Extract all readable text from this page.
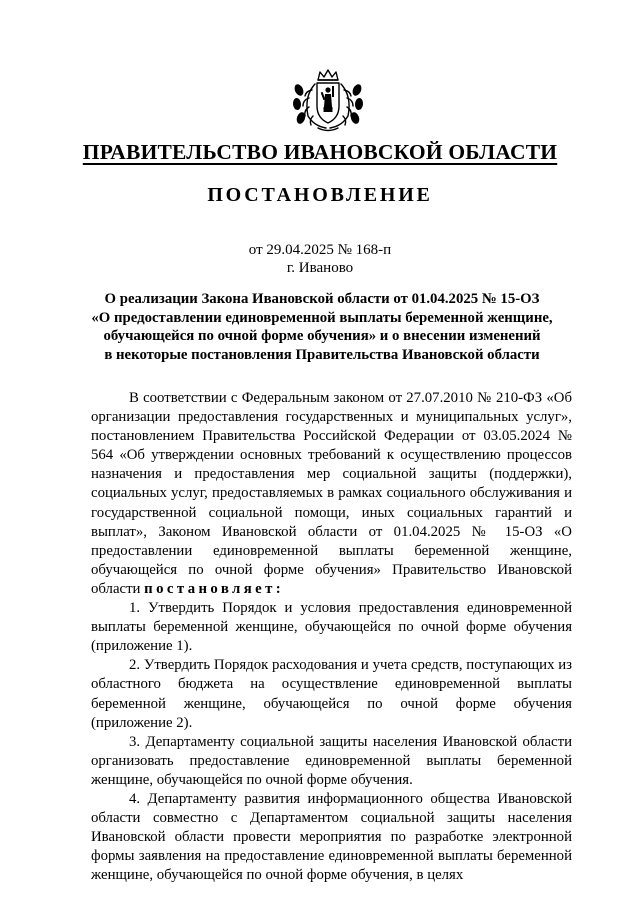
ПРАВИТЕЛЬСТВО ИВАНОВСКОЙ ОБЛАСТИ
ПОСТАНОВЛЕНИЕ
от 29.04.2025 № 168-п
г. Иваново
О реализации Закона Ивановской области от 01.04.2025 № 15-ОЗ
«О предоставлении единовременной выплаты беременной женщине,
обучающейся по очной форме обучения» и о внесении изменений
в некоторые постановления Правительства Ивановской области

В соответствии с Федеральным законом от 27.07.2010 № 210-ФЗ «Об организации предоставления государственных и муниципальных услуг», постановлением Правительства Российской Федерации от 03.05.2024 № 564 «Об утверждении основных требований к осуществлению процессов назначения и предоставления мер социальной защиты (поддержки), социальных услуг, предоставляемых в рамках социального обслуживания и государственной социальной помощи, иных социальных гарантий и выплат», Законом Ивановской области от 01.04.2025 № 15-ОЗ «О предоставлении единовременной выплаты беременной женщине, обучающейся по очной форме обучения» Правительство Ивановской области постановляет:

1. Утвердить Порядок и условия предоставления единовременной выплаты беременной женщине, обучающейся по очной форме обучения (приложение 1).

2. Утвердить Порядок расходования и учета средств, поступающих из областного бюджета на осуществление единовременной выплаты беременной женщине, обучающейся по очной форме обучения (приложение 2).

3. Департаменту социальной защиты населения Ивановской области организовать предоставление единовременной выплаты беременной женщине, обучающейся по очной форме обучения.

4. Департаменту развития информационного общества Ивановской области совместно с Департаментом социальной защиты населения Ивановской области провести мероприятия по разработке электронной формы заявления на предоставление единовременной выплаты беременной женщине, обучающейся по очной форме обучения, в целях
